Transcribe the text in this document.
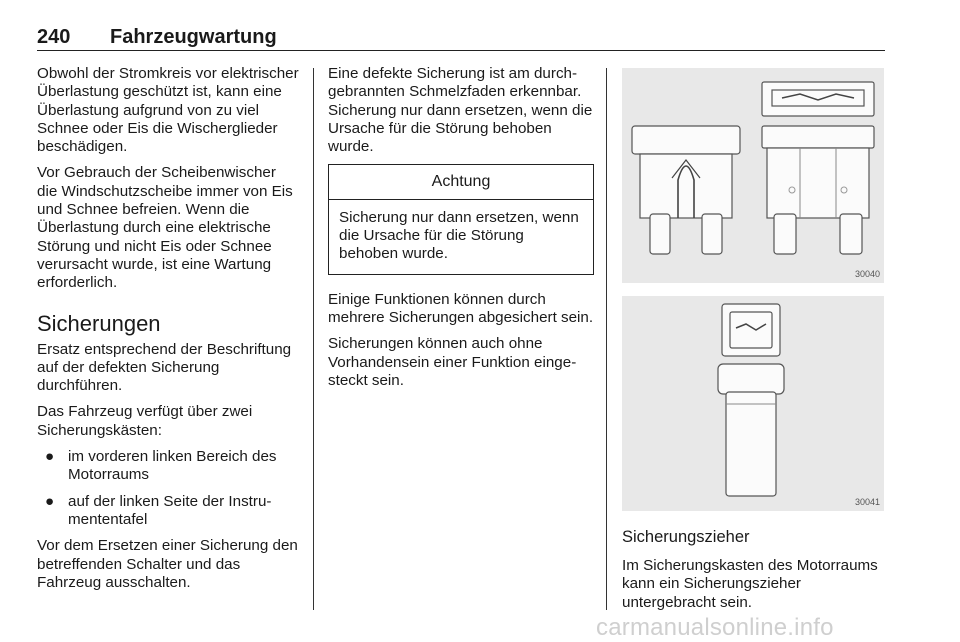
240 Fahrzeugwartung

Obwohl der Stromkreis vor elektrischer Überlastung geschützt ist, kann eine Überlastung aufgrund von zu viel Schnee oder Eis die Wischerglieder beschädigen.

Vor Gebrauch der Scheibenwischer die Windschutzscheibe immer von Eis und Schnee befreien. Wenn die Überlastung durch eine elektrische Störung und nicht Eis oder Schnee verursacht wurde, ist eine Wartung erforderlich.

Sicherungen

Ersatz entsprechend der Beschriftung auf der defekten Sicherung durchführen.

Das Fahrzeug verfügt über zwei Sicherungskästen:

● im vorderen linken Bereich des Motorraums
● auf der linken Seite der Instrumententafel

Vor dem Ersetzen einer Sicherung den betreffenden Schalter und das Fahrzeug ausschalten.

Eine defekte Sicherung ist am durchgebrannten Schmelzfaden erkennbar. Sicherung nur dann ersetzen, wenn die Ursache für die Störung behoben wurde.

Achtung
Sicherung nur dann ersetzen, wenn die Ursache für die Störung behoben wurde.

Einige Funktionen können durch mehrere Sicherungen abgesichert sein.

Sicherungen können auch ohne Vorhandensein einer Funktion eingesteckt sein.

30040
30041
Sicherungszieher
Im Sicherungskasten des Motorraums kann ein Sicherungszieher untergebracht sein.
carmanualsonline.info
